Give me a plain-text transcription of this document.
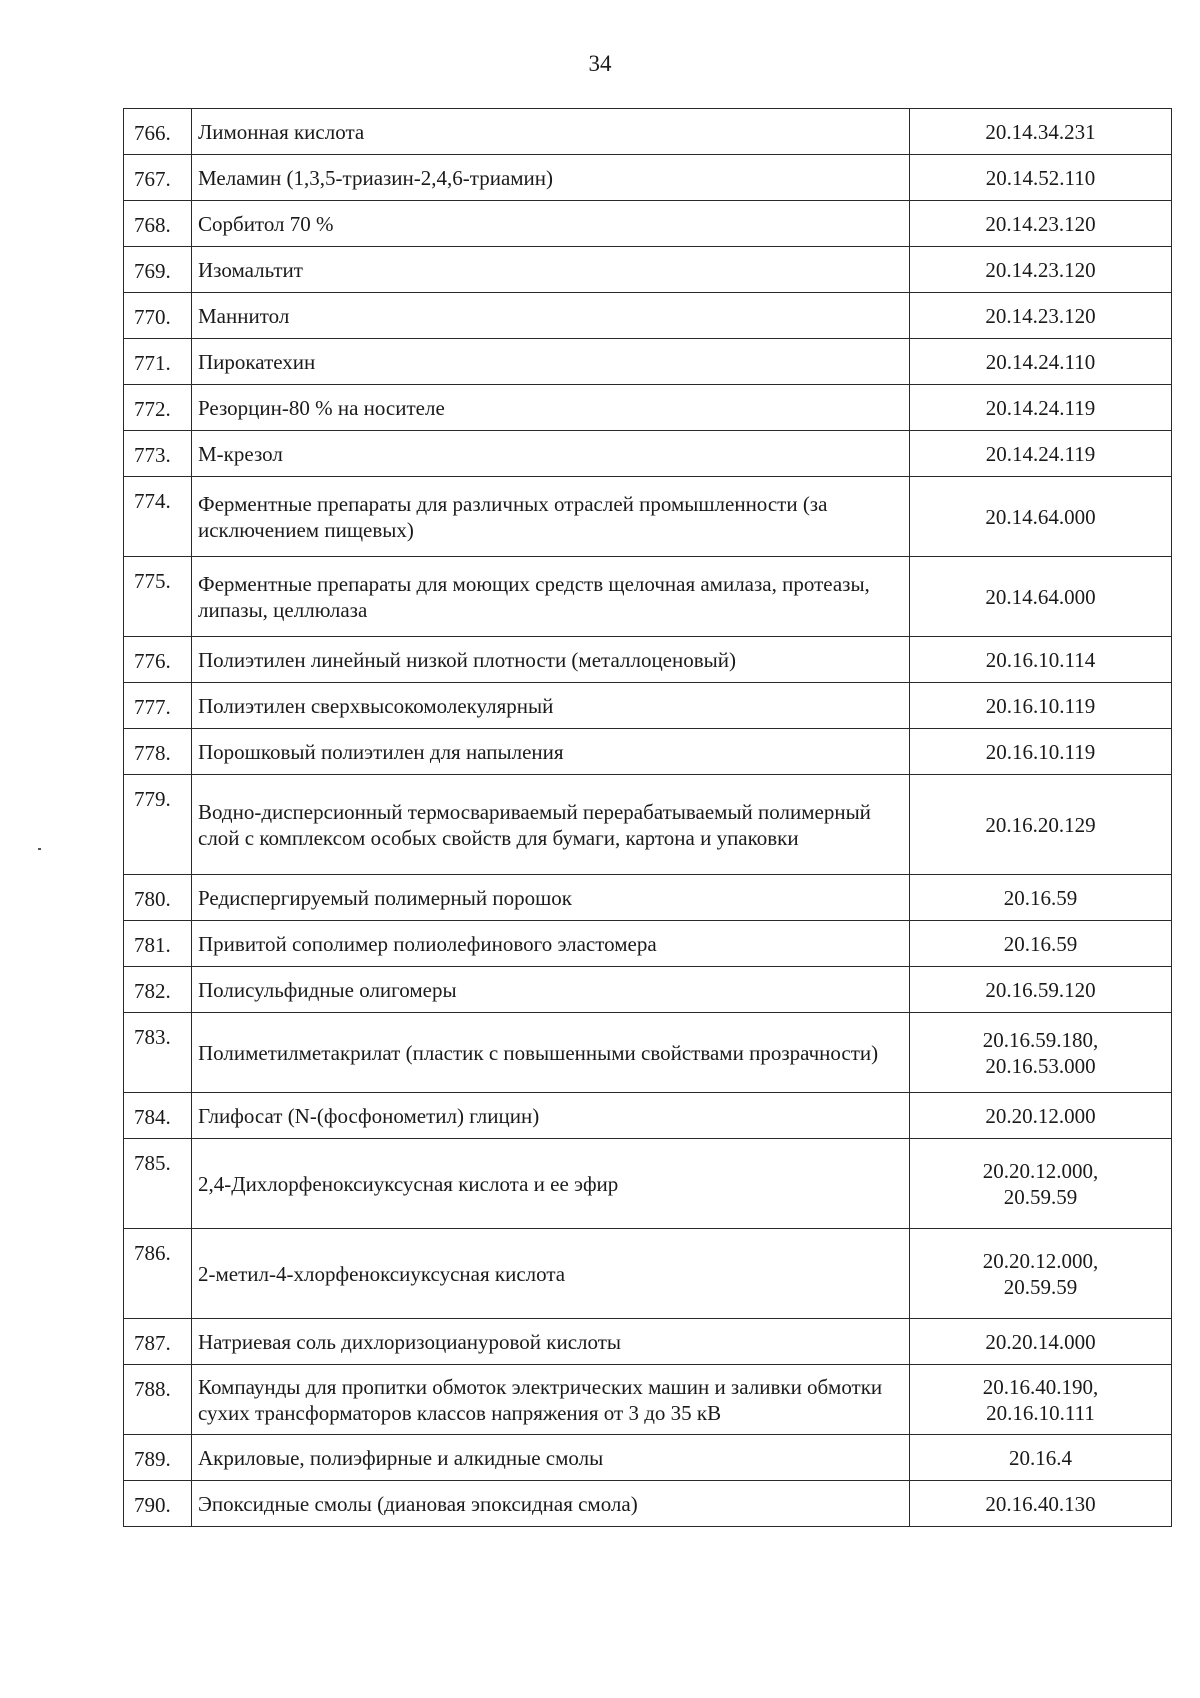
34
766.	Лимонная кислота	20.14.34.231
767.	Меламин (1,3,5-триазин-2,4,6-триамин)	20.14.52.110
768.	Сорбитол 70 %	20.14.23.120
769.	Изомальтит	20.14.23.120
770.	Маннитол	20.14.23.120
771.	Пирокатехин	20.14.24.110
772.	Резорцин-80 % на носителе	20.14.24.119
773.	М-крезол	20.14.24.119
774.	Ферментные препараты для различных отраслей промышленности (за исключением пищевых)	20.14.64.000
775.	Ферментные препараты для моющих средств щелочная амилаза, протеазы, липазы, целлюлаза	20.14.64.000
776.	Полиэтилен линейный низкой плотности (металлоценовый)	20.16.10.114
777.	Полиэтилен сверхвысокомолекулярный	20.16.10.119
778.	Порошковый полиэтилен для напыления	20.16.10.119
779.	Водно-дисперсионный термосвариваемый перерабатываемый полимерный слой с комплексом особых свойств для бумаги, картона и упаковки	20.16.20.129
780.	Редиспергируемый полимерный порошок	20.16.59
781.	Привитой сополимер полиолефинового эластомера	20.16.59
782.	Полисульфидные олигомеры	20.16.59.120
783.	Полиметилметакрилат (пластик с повышенными свойствами прозрачности)	20.16.59.180,
20.16.53.000
784.	Глифосат (N-(фосфонометил) глицин)	20.20.12.000
785.	2,4-Дихлорфеноксиуксусная кислота и ее эфир	20.20.12.000,
20.59.59
786.	2-метил-4-хлорфеноксиуксусная кислота	20.20.12.000,
20.59.59
787.	Натриевая соль дихлоризоциануровой кислоты	20.20.14.000
788.	Компаунды для пропитки обмоток электрических машин и заливки обмотки сухих трансформаторов классов напряжения от 3 до 35 кВ	20.16.40.190,
20.16.10.111
789.	Акриловые, полиэфирные и алкидные смолы	20.16.4
790.	Эпоксидные смолы (диановая эпоксидная смола)	20.16.40.130
